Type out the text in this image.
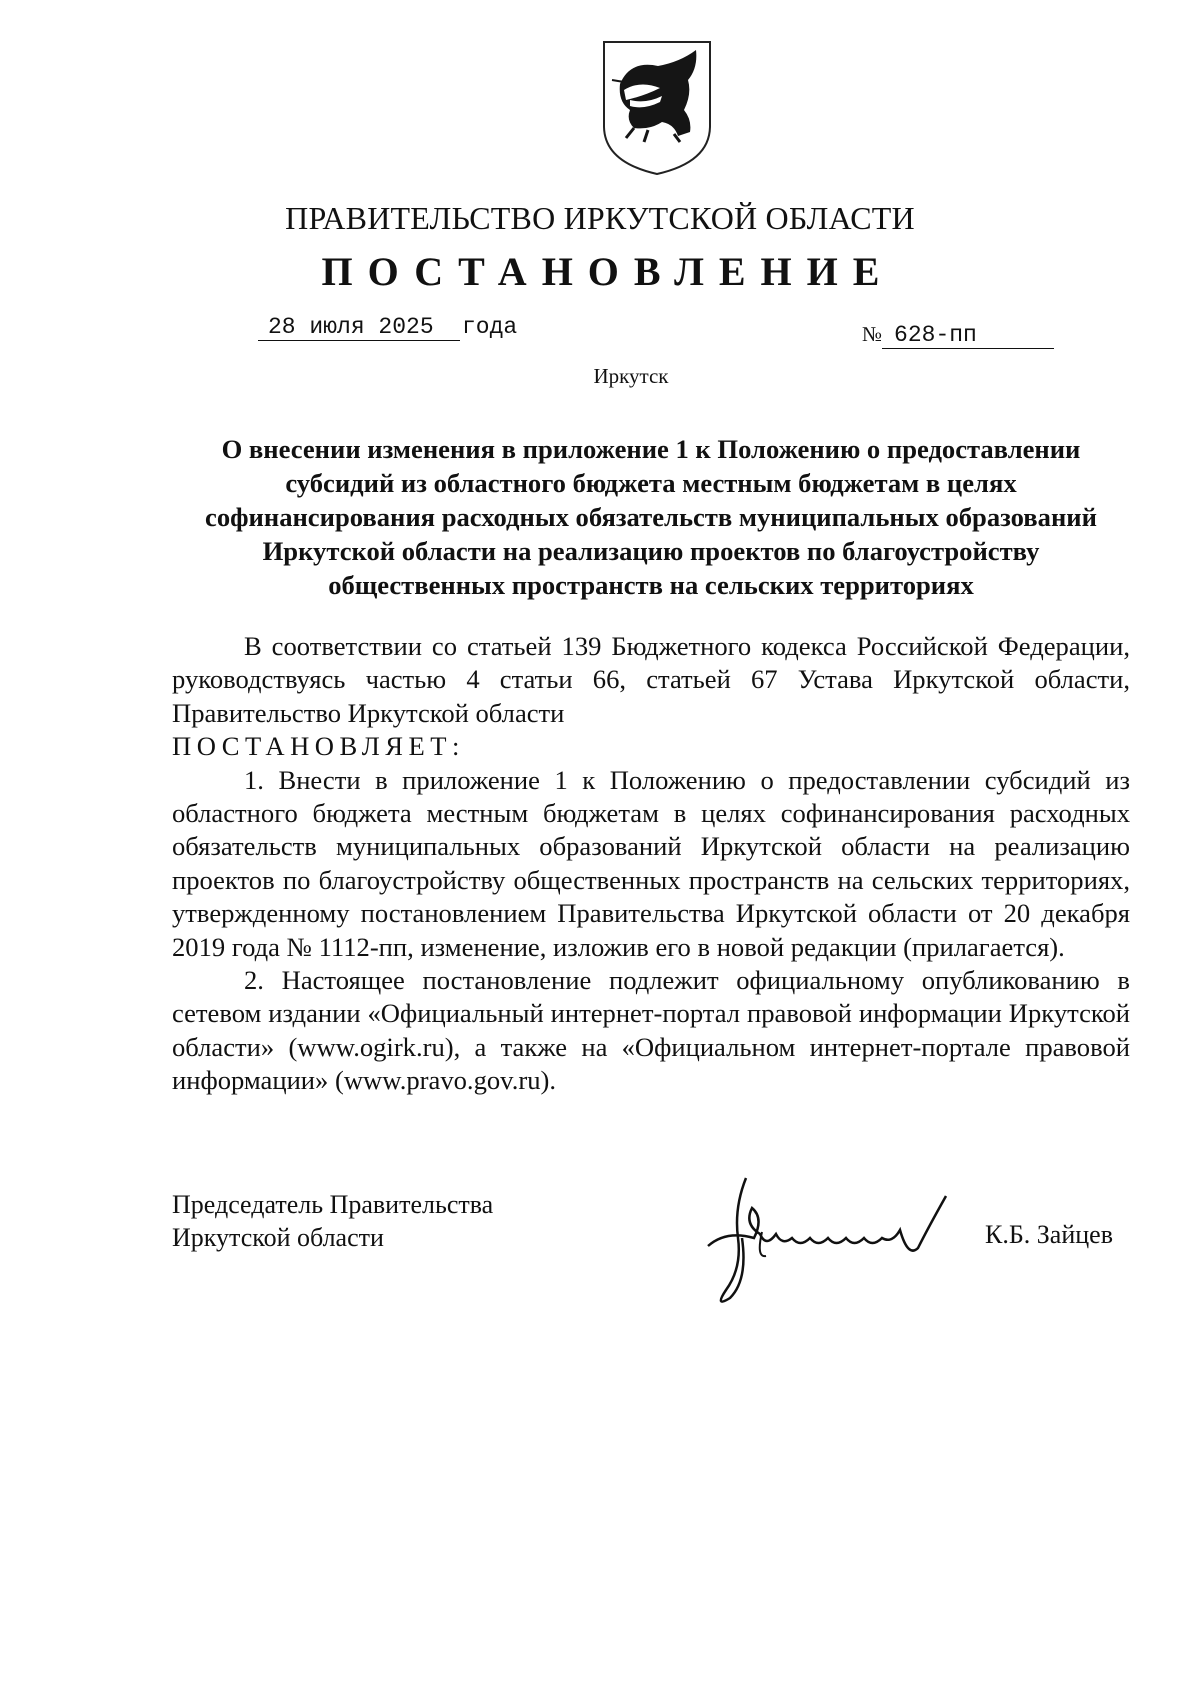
ПРАВИТЕЛЬСТВО ИРКУТСКОЙ ОБЛАСТИ
ПОСТАНОВЛЕНИЕ
28 июля 2025 года	№ 628-пп
Иркутск
О внесении изменения в приложение 1 к Положению о предоставлении субсидий из областного бюджета местным бюджетам в целях софинансирования расходных обязательств муниципальных образований Иркутской области на реализацию проектов по благоустройству общественных пространств на сельских территориях

В соответствии со статьей 139 Бюджетного кодекса Российской Федерации, руководствуясь частью 4 статьи 66, статьей 67 Устава Иркутской области, Правительство Иркутской области

ПОСТАНОВЛЯЕТ:

1. Внести в приложение 1 к Положению о предоставлении субсидий из областного бюджета местным бюджетам в целях софинансирования расходных обязательств муниципальных образований Иркутской области на реализацию проектов по благоустройству общественных пространств на сельских территориях, утвержденному постановлением Правительства Иркутской области от 20 декабря 2019 года № 1112-пп, изменение, изложив его в новой редакции (прилагается).

2. Настоящее постановление подлежит официальному опубликованию в сетевом издании «Официальный интернет-портал правовой информации Иркутской области» (www.ogirk.ru), а также на «Официальном интернет-портале правовой информации» (www.pravo.gov.ru).

Председатель Правительства
Иркутской области	К.Б. Зайцев
